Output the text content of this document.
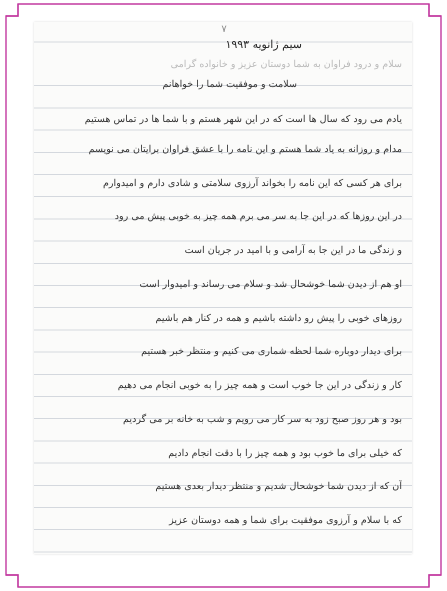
۷
سیم ژانویه ۱۹۹۳
سلام و درود فراوان به شما دوستان عزیز و خانواده گرامی
سلامت و موفقیت شما را خواهانم
یادم می رود که سال ها است که در این شهر هستم و با شما ها در تماس هستیم
مدام و روزانه به یاد شما هستم و این نامه را با عشق فراوان برایتان می نویسم
برای هر کسی که این نامه را بخواند آرزوی سلامتی و شادی دارم و امیدوارم
در این روزها که در این جا به سر می برم همه چیز به خوبی پیش می رود
و زندگی ما در این جا به آرامی و با امید در جریان است
او هم از دیدن شما خوشحال شد و سلام می رساند و امیدوار است
روزهای خوبی را پیش رو داشته باشیم و همه در کنار هم باشیم
برای دیدار دوباره شما لحظه شماری می کنیم و منتظر خبر هستیم
کار و زندگی در این جا خوب است و همه چیز را به خوبی انجام می دهیم
بود و هر روز صبح زود به سر کار می رویم و شب به خانه بر می گردیم
که خیلی برای ما خوب بود و همه چیز را با دقت انجام دادیم
آن که از دیدن شما خوشحال شدیم و منتظر دیدار بعدی هستیم
که با سلام و آرزوی موفقیت برای شما و همه دوستان عزیز
